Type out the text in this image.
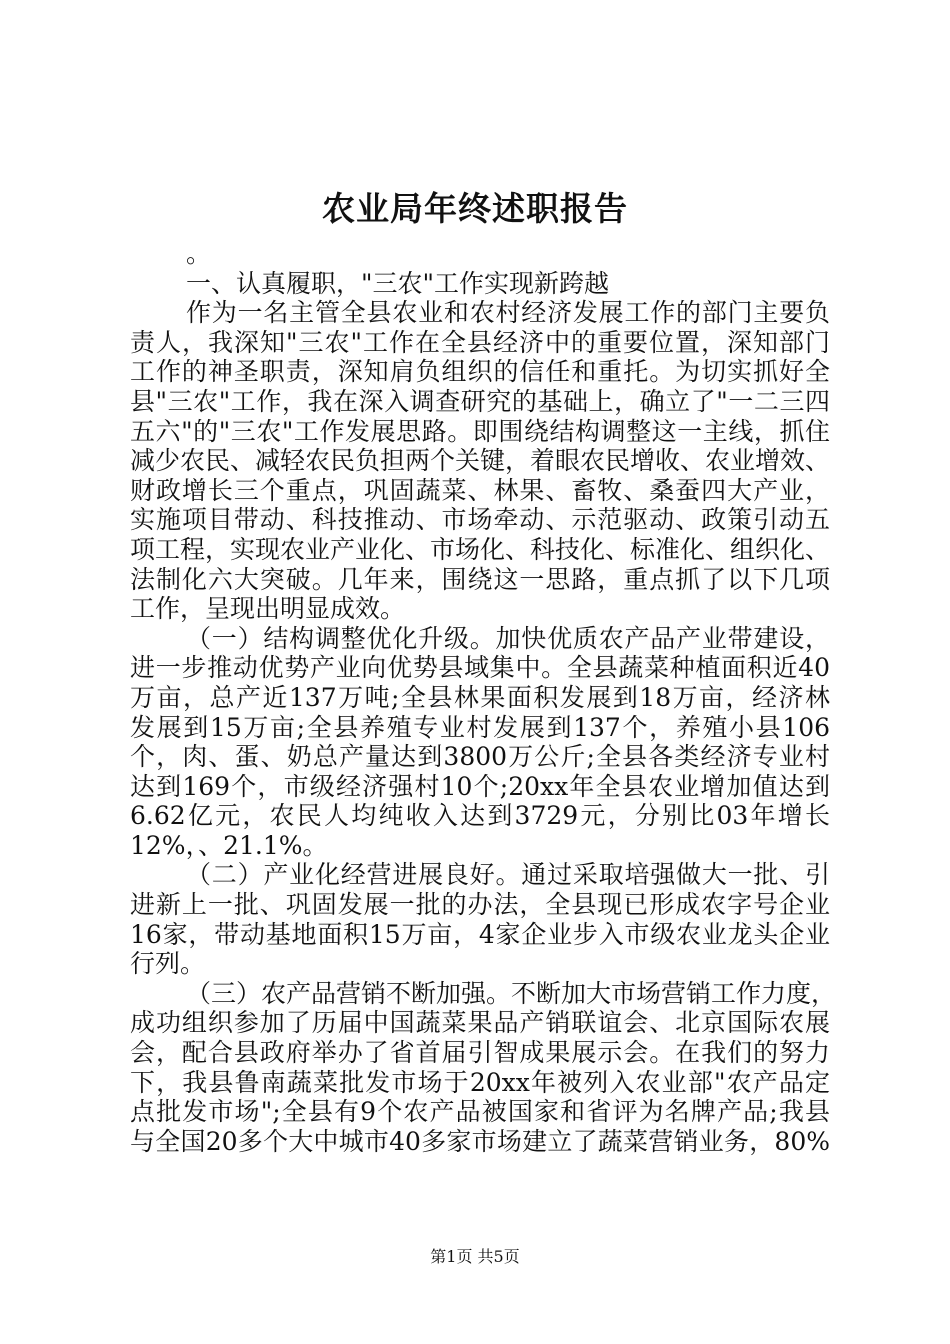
农业局年终述职报告

。

一、认真履职，"三农"工作实现新跨越

作为一名主管全县农业和农村经济发展工作的部门主要负
责人，我深知"三农"工作在全县经济中的重要位置，深知部门
工作的神圣职责，深知肩负组织的信任和重托。为切实抓好全
县"三农"工作，我在深入调查研究的基础上，确立了"一二三四
五六"的"三农"工作发展思路。即围绕结构调整这一主线，抓住
减少农民、减轻农民负担两个关键，着眼农民增收、农业增效、
财政增长三个重点，巩固蔬菜、林果、畜牧、桑蚕四大产业，
实施项目带动、科技推动、市场牵动、示范驱动、政策引动五
项工程，实现农业产业化、市场化、科技化、标准化、组织化、
法制化六大突破。几年来，围绕这一思路，重点抓了以下几项
工作，呈现出明显成效。

（一）结构调整优化升级。加快优质农产品产业带建设，
进一步推动优势产业向优势县域集中。全县蔬菜种植面积近40
万亩，总产近137万吨;全县林果面积发展到18万亩，经济林
发展到15万亩;全县养殖专业村发展到137个，养殖小县106
个，肉、蛋、奶总产量达到3800万公斤;全县各类经济专业村
达到169个，市级经济强村10个;20xx年全县农业增加值达到
6.62亿元，农民人均纯收入达到3729元，分别比03年增长
12%，、21.1%。

（二）产业化经营进展良好。通过采取培强做大一批、引
进新上一批、巩固发展一批的办法，全县现已形成农字号企业
16家，带动基地面积15万亩，4家企业步入市级农业龙头企业
行列。

（三）农产品营销不断加强。不断加大市场营销工作力度，
成功组织参加了历届中国蔬菜果品产销联谊会、北京国际农展
会，配合县政府举办了省首届引智成果展示会。在我们的努力
下，我县鲁南蔬菜批发市场于20xx年被列入农业部"农产品定
点批发市场";全县有9个农产品被国家和省评为名牌产品;我县
与全国20多个大中城市40多家市场建立了蔬菜营销业务，80%

第1页 共5页
